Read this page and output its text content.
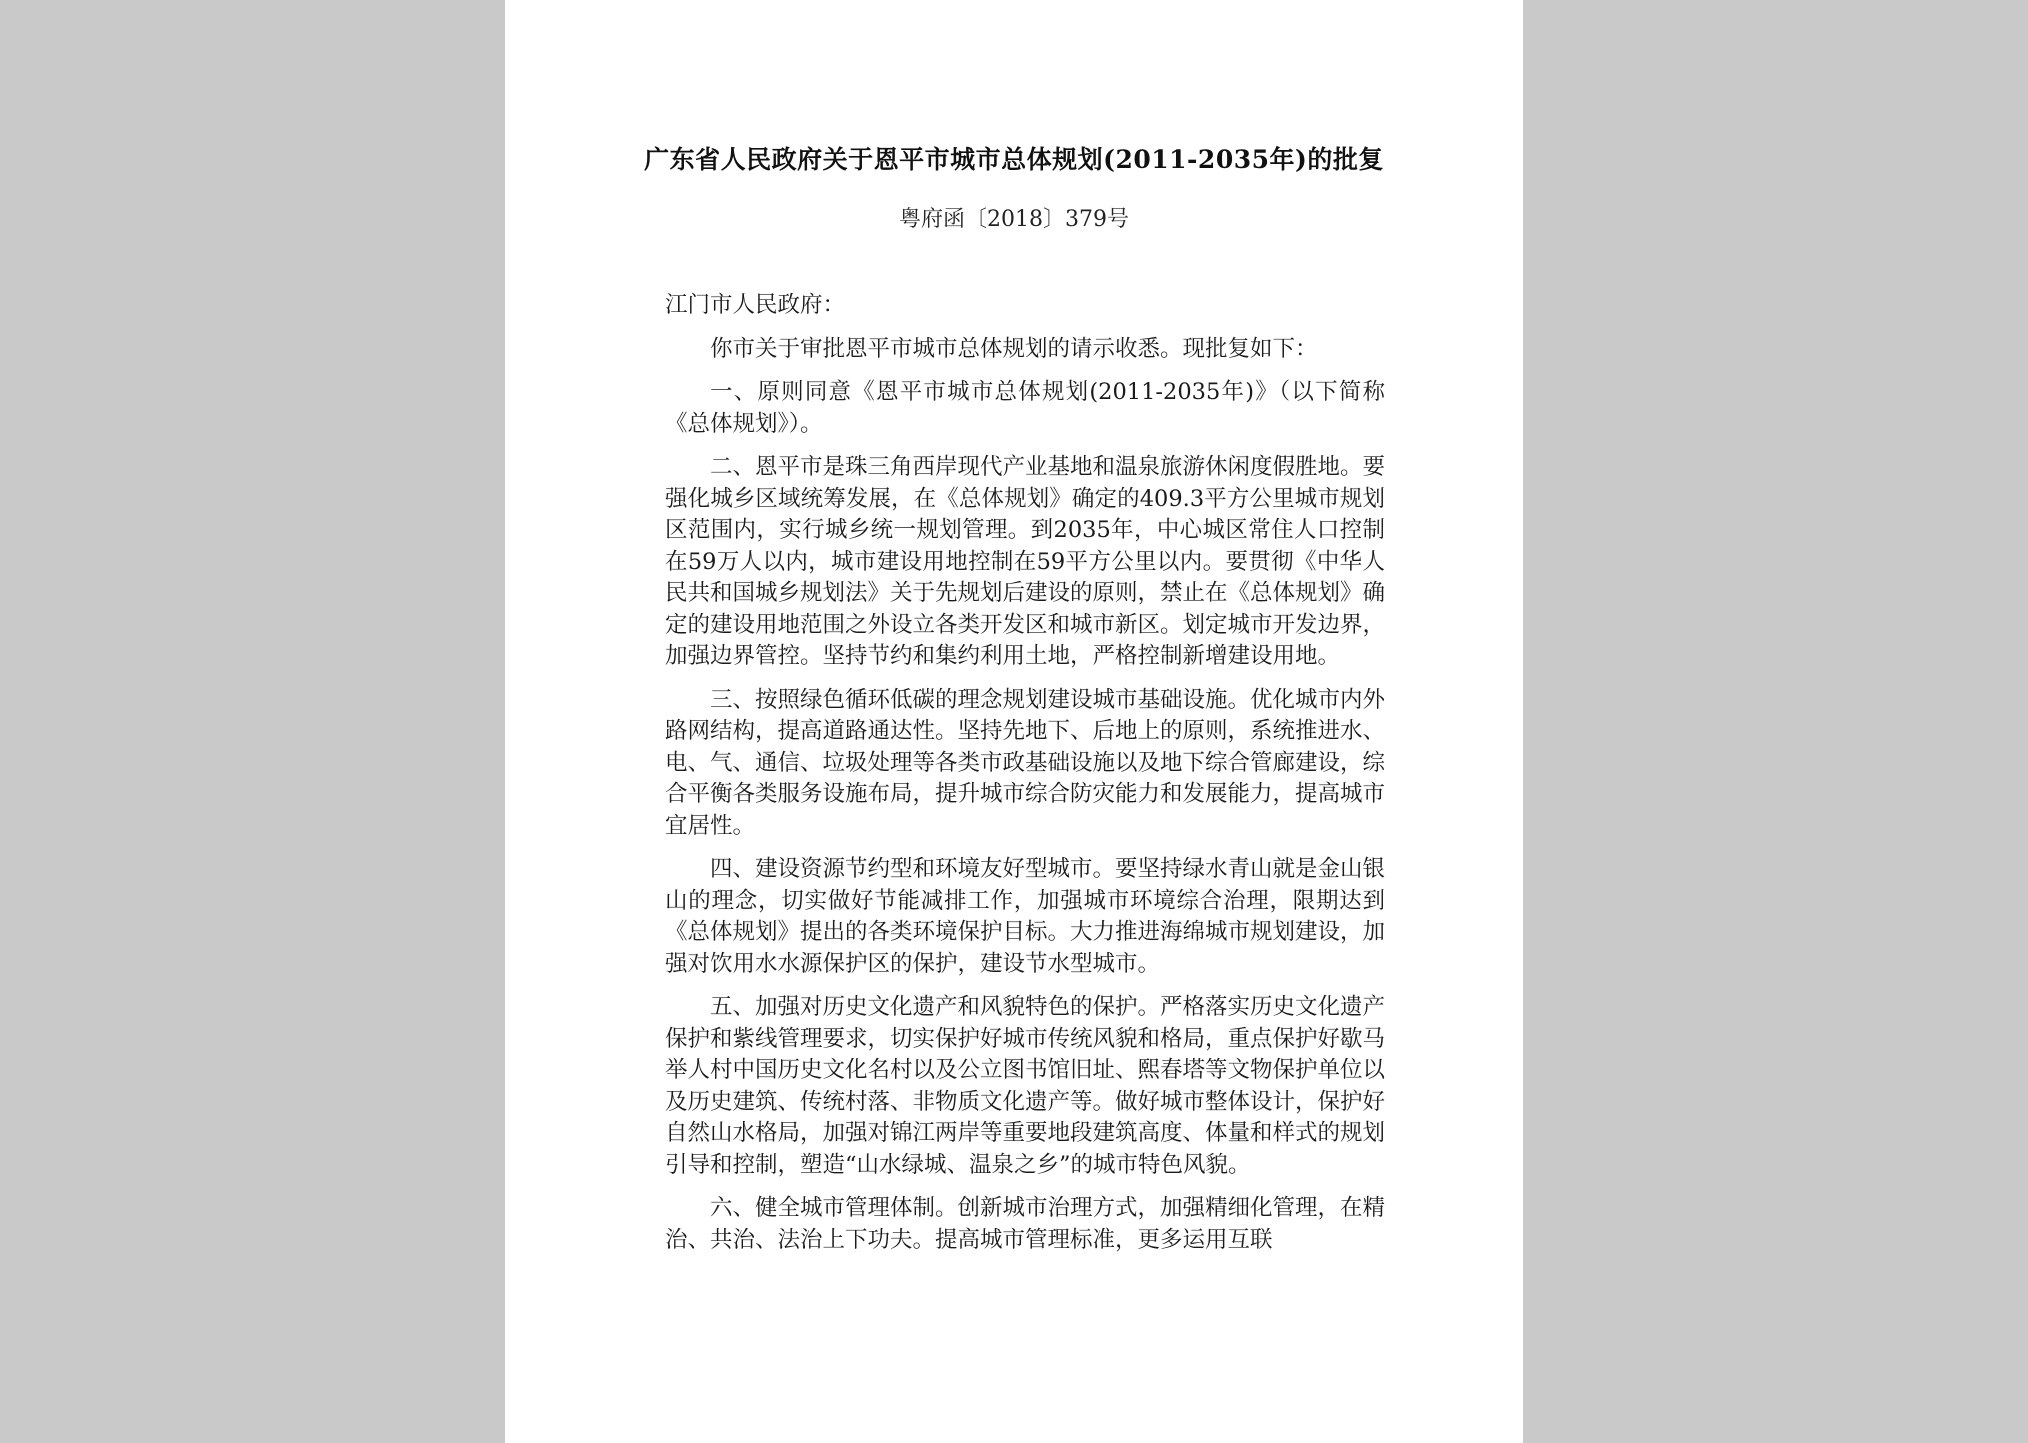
广东省人民政府关于恩平市城市总体规划(2011-2035年)的批复
粤府函〔2018〕379号
江门市人民政府：
你市关于审批恩平市城市总体规划的请示收悉。现批复如下：
一、原则同意《恩平市城市总体规划(2011-2035年)》（以下简称《总体规划》）。
二、恩平市是珠三角西岸现代产业基地和温泉旅游休闲度假胜地。要强化城乡区域统筹发展，在《总体规划》确定的409.3平方公里城市规划区范围内，实行城乡统一规划管理。到2035年，中心城区常住人口控制在59万人以内，城市建设用地控制在59平方公里以内。要贯彻《中华人民共和国城乡规划法》关于先规划后建设的原则，禁止在《总体规划》确定的建设用地范围之外设立各类开发区和城市新区。划定城市开发边界，加强边界管控。坚持节约和集约利用土地，严格控制新增建设用地。
三、按照绿色循环低碳的理念规划建设城市基础设施。优化城市内外路网结构，提高道路通达性。坚持先地下、后地上的原则，系统推进水、电、气、通信、垃圾处理等各类市政基础设施以及地下综合管廊建设，综合平衡各类服务设施布局，提升城市综合防灾能力和发展能力，提高城市宜居性。
四、建设资源节约型和环境友好型城市。要坚持绿水青山就是金山银山的理念，切实做好节能减排工作，加强城市环境综合治理，限期达到《总体规划》提出的各类环境保护目标。大力推进海绵城市规划建设，加强对饮用水水源保护区的保护，建设节水型城市。
五、加强对历史文化遗产和风貌特色的保护。严格落实历史文化遗产保护和紫线管理要求，切实保护好城市传统风貌和格局，重点保护好歇马举人村中国历史文化名村以及公立图书馆旧址、熙春塔等文物保护单位以及历史建筑、传统村落、非物质文化遗产等。做好城市整体设计，保护好自然山水格局，加强对锦江两岸等重要地段建筑高度、体量和样式的规划引导和控制，塑造“山水绿城、温泉之乡”的城市特色风貌。
六、健全城市管理体制。创新城市治理方式，加强精细化管理，在精治、共治、法治上下功夫。提高城市管理标准，更多运用互联
